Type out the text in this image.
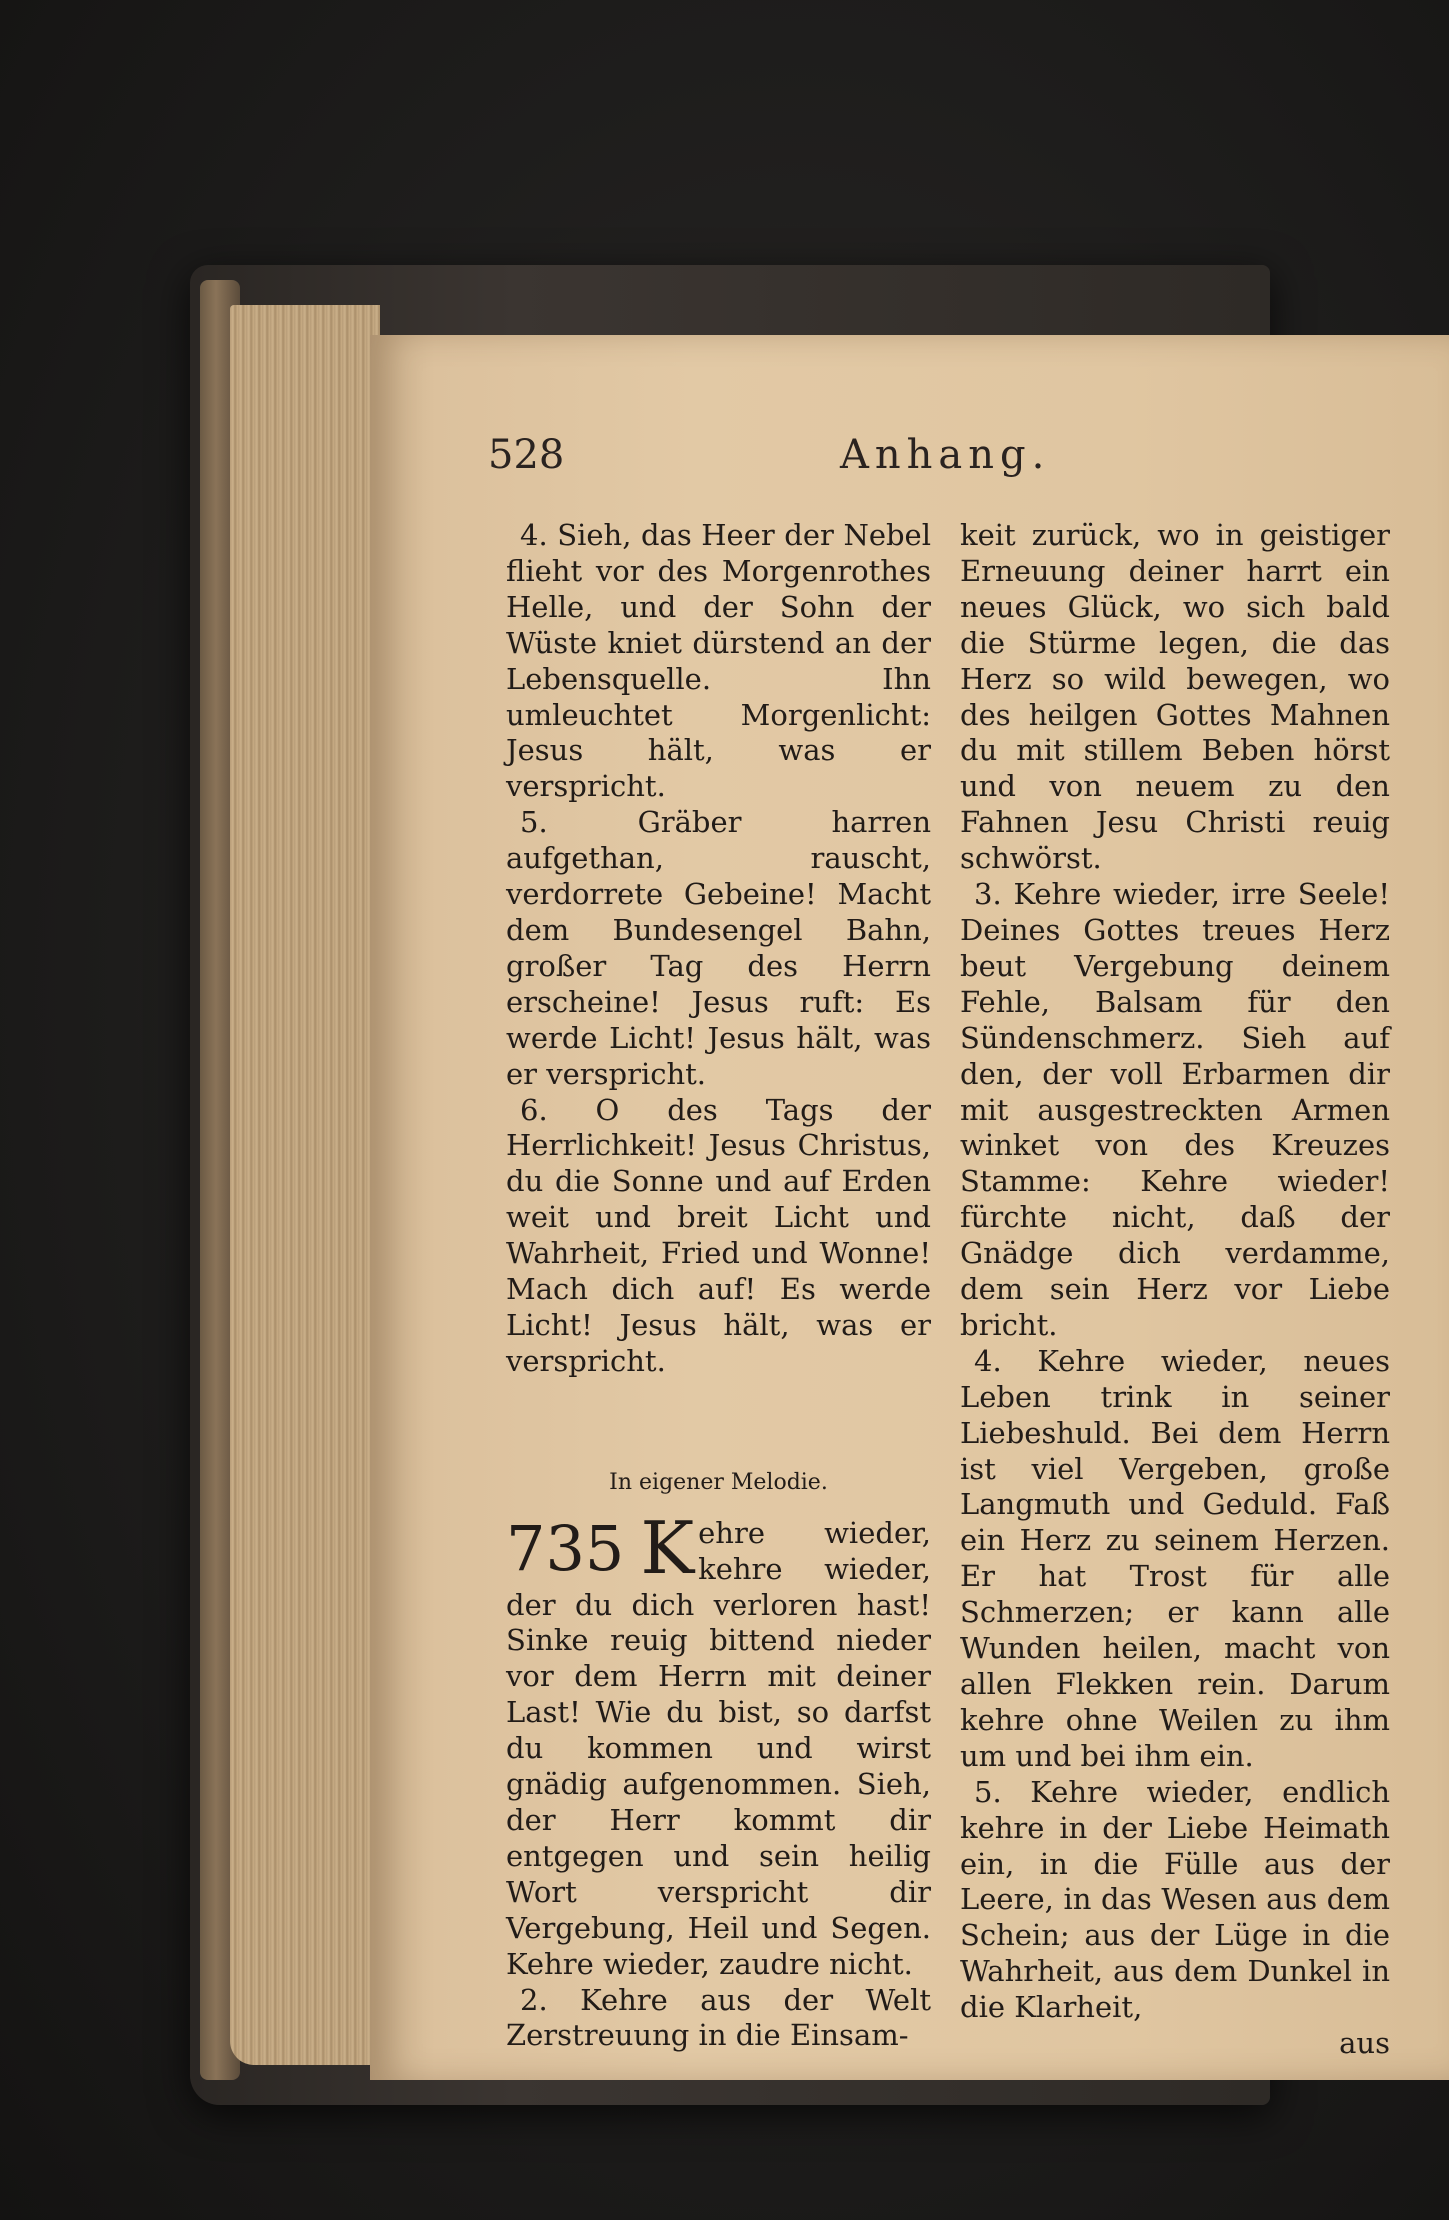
528	Anhang.

4. Sieh, das Heer der Nebel flieht vor des Morgenrothes Helle, und der Sohn der Wüste kniet dürstend an der Lebensquelle. Ihn umleuchtet Morgenlicht: Jesus hält, was er verspricht.

5. Gräber harren aufgethan, rauscht, verdorrete Gebeine! Macht dem Bundesengel Bahn, großer Tag des Herrn erscheine! Jesus ruft: Es werde Licht! Jesus hält, was er verspricht.

6. O des Tags der Herrlichkeit! Jesus Christus, du die Sonne und auf Erden weit und breit Licht und Wahrheit, Fried und Wonne! Mach dich auf! Es werde Licht! Jesus hält, was er verspricht.

In eigener Melodie.

735 K ehre wieder, kehre wieder, der du dich verloren hast! Sinke reuig bittend nieder vor dem Herrn mit deiner Last! Wie du bist, so darfst du kommen und wirst gnädig aufgenommen. Sieh, der Herr kommt dir entgegen und sein heilig Wort verspricht dir Vergebung, Heil und Segen. Kehre wieder, zaudre nicht.

2. Kehre aus der Welt Zerstreuung in die Einsam-

keit zurück, wo in geistiger Erneuung deiner harrt ein neues Glück, wo sich bald die Stürme legen, die das Herz so wild bewegen, wo des heilgen Gottes Mahnen du mit stillem Beben hörst und von neuem zu den Fahnen Jesu Christi reuig schwörst.

3. Kehre wieder, irre Seele! Deines Gottes treues Herz beut Vergebung deinem Fehle, Balsam für den Sündenschmerz. Sieh auf den, der voll Erbarmen dir mit ausgestreckten Armen winket von des Kreuzes Stamme: Kehre wieder! fürchte nicht, daß der Gnädge dich verdamme, dem sein Herz vor Liebe bricht.

4. Kehre wieder, neues Leben trink in seiner Liebeshuld. Bei dem Herrn ist viel Vergeben, große Langmuth und Geduld. Faß ein Herz zu seinem Herzen. Er hat Trost für alle Schmerzen; er kann alle Wunden heilen, macht von allen Flekken rein. Darum kehre ohne Weilen zu ihm um und bei ihm ein.

5. Kehre wieder, endlich kehre in der Liebe Heimath ein, in die Fülle aus der Leere, in das Wesen aus dem Schein; aus der Lüge in die Wahrheit, aus dem Dunkel in die Klarheit,

aus
